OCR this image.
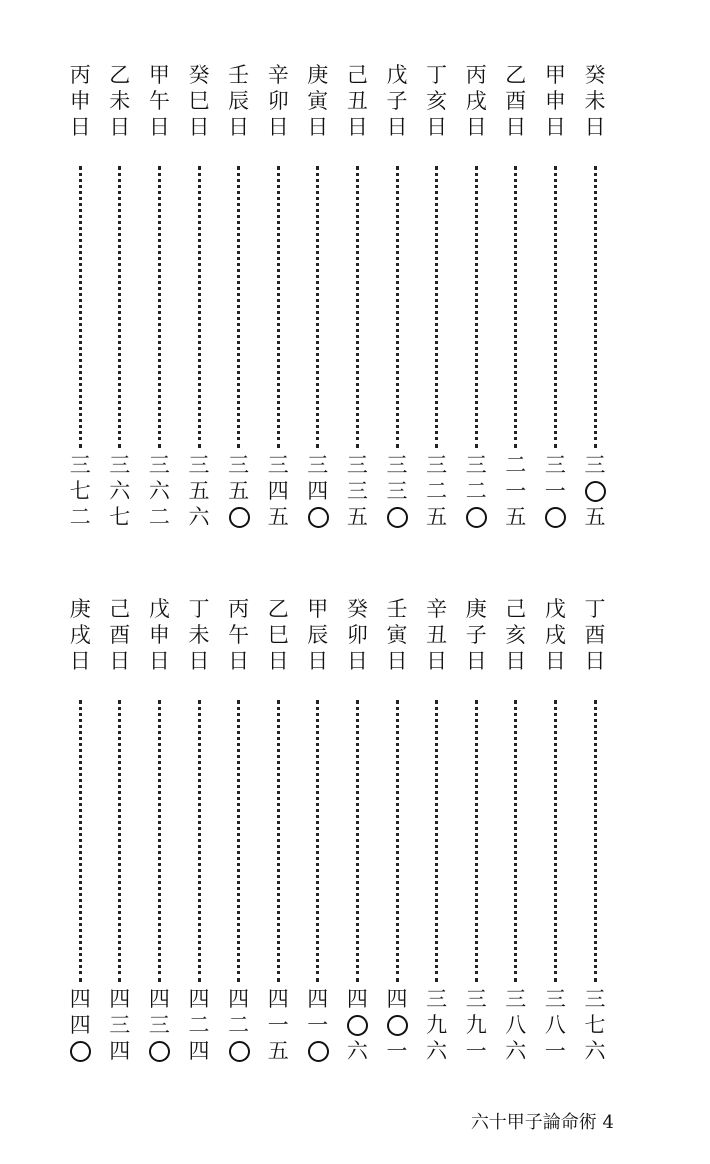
癸
未
日
三
五
甲
申
日
三
一
乙
酉
日
二
一
五
丙
戌
日
三
二
丁
亥
日
三
二
五
戊
子
日
三
三
己
丑
日
三
三
五
庚
寅
日
三
四
辛
卯
日
三
四
五
壬
辰
日
三
五
癸
巳
日
三
五
六
甲
午
日
三
六
二
乙
未
日
三
六
七
丙
申
日
三
七
二
丁
酉
日
三
七
六
戊
戌
日
三
八
一
己
亥
日
三
八
六
庚
子
日
三
九
一
辛
丑
日
三
九
六
壬
寅
日
四
一
癸
卯
日
四
六
甲
辰
日
四
一
乙
巳
日
四
一
五
丙
午
日
四
二
丁
未
日
四
二
四
戊
申
日
四
三
己
酉
日
四
三
四
庚
戌
日
四
四
六十甲子論命術 4
